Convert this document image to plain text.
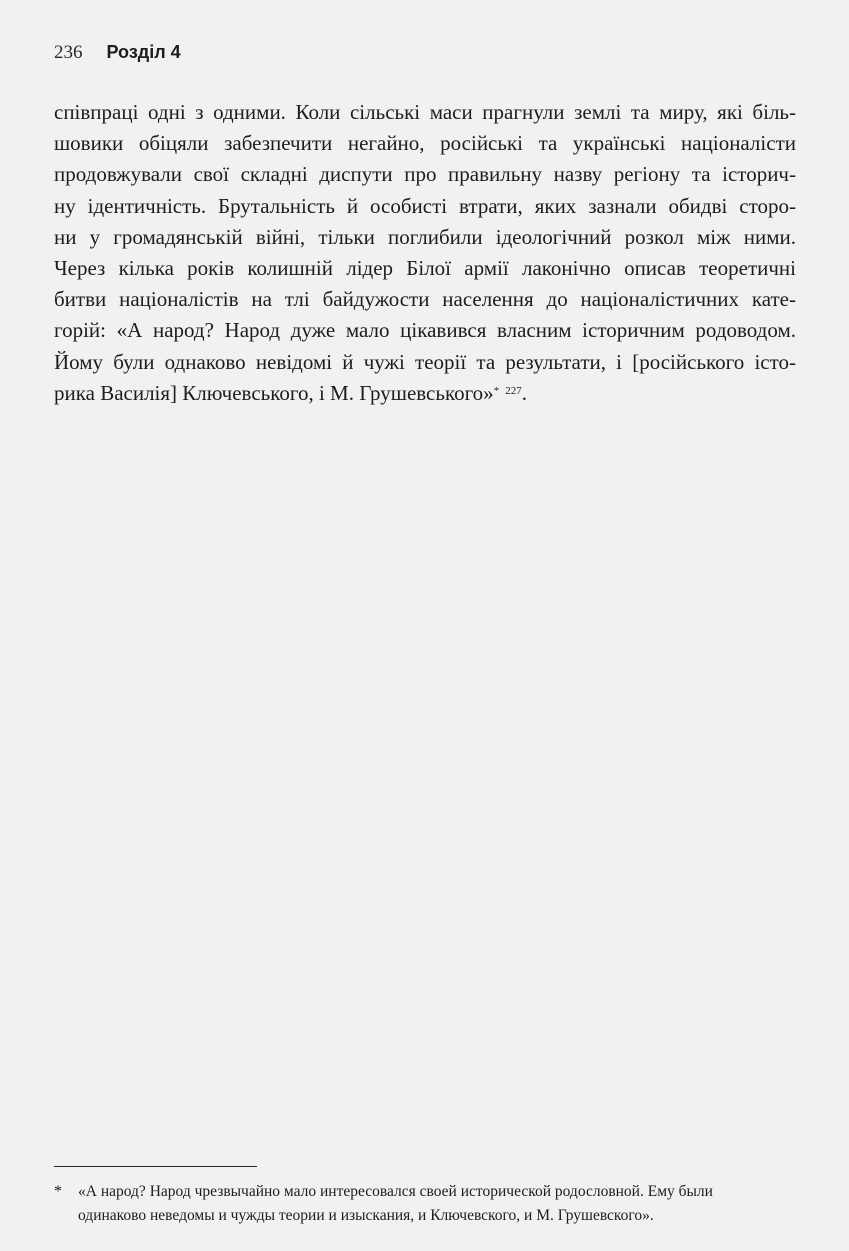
236 Розділ 4
співпраці одні з одними. Коли сільські маси прагнули землі та миру, які біль-
шовики обіцяли забезпечити негайно, російські та українські націоналісти
продовжували свої складні диспути про правильну назву регіону та історич-
ну ідентичність. Брутальність й особисті втрати, яких зазнали обидві сторо-
ни у громадянській війні, тільки поглибили ідеологічний розкол між ними.
Через кілька років колишній лідер Білої армії лаконічно описав теоретичні
битви націоналістів на тлі байдужости населення до націоналістичних кате-
горій: «А народ? Народ дуже мало цікавився власним історичним родоводом.
Йому були однаково невідомі й чужі теорії та результати, і [російського істо-
рика Василія] Ключевського, і М. Грушевського»* $^{227}$.
* «А народ? Народ чрезвычайно мало интересовался своей исторической родословной. Ему были
одинаково неведомы и чужды теории и изыскания, и Ключевского, и М. Грушевского».
